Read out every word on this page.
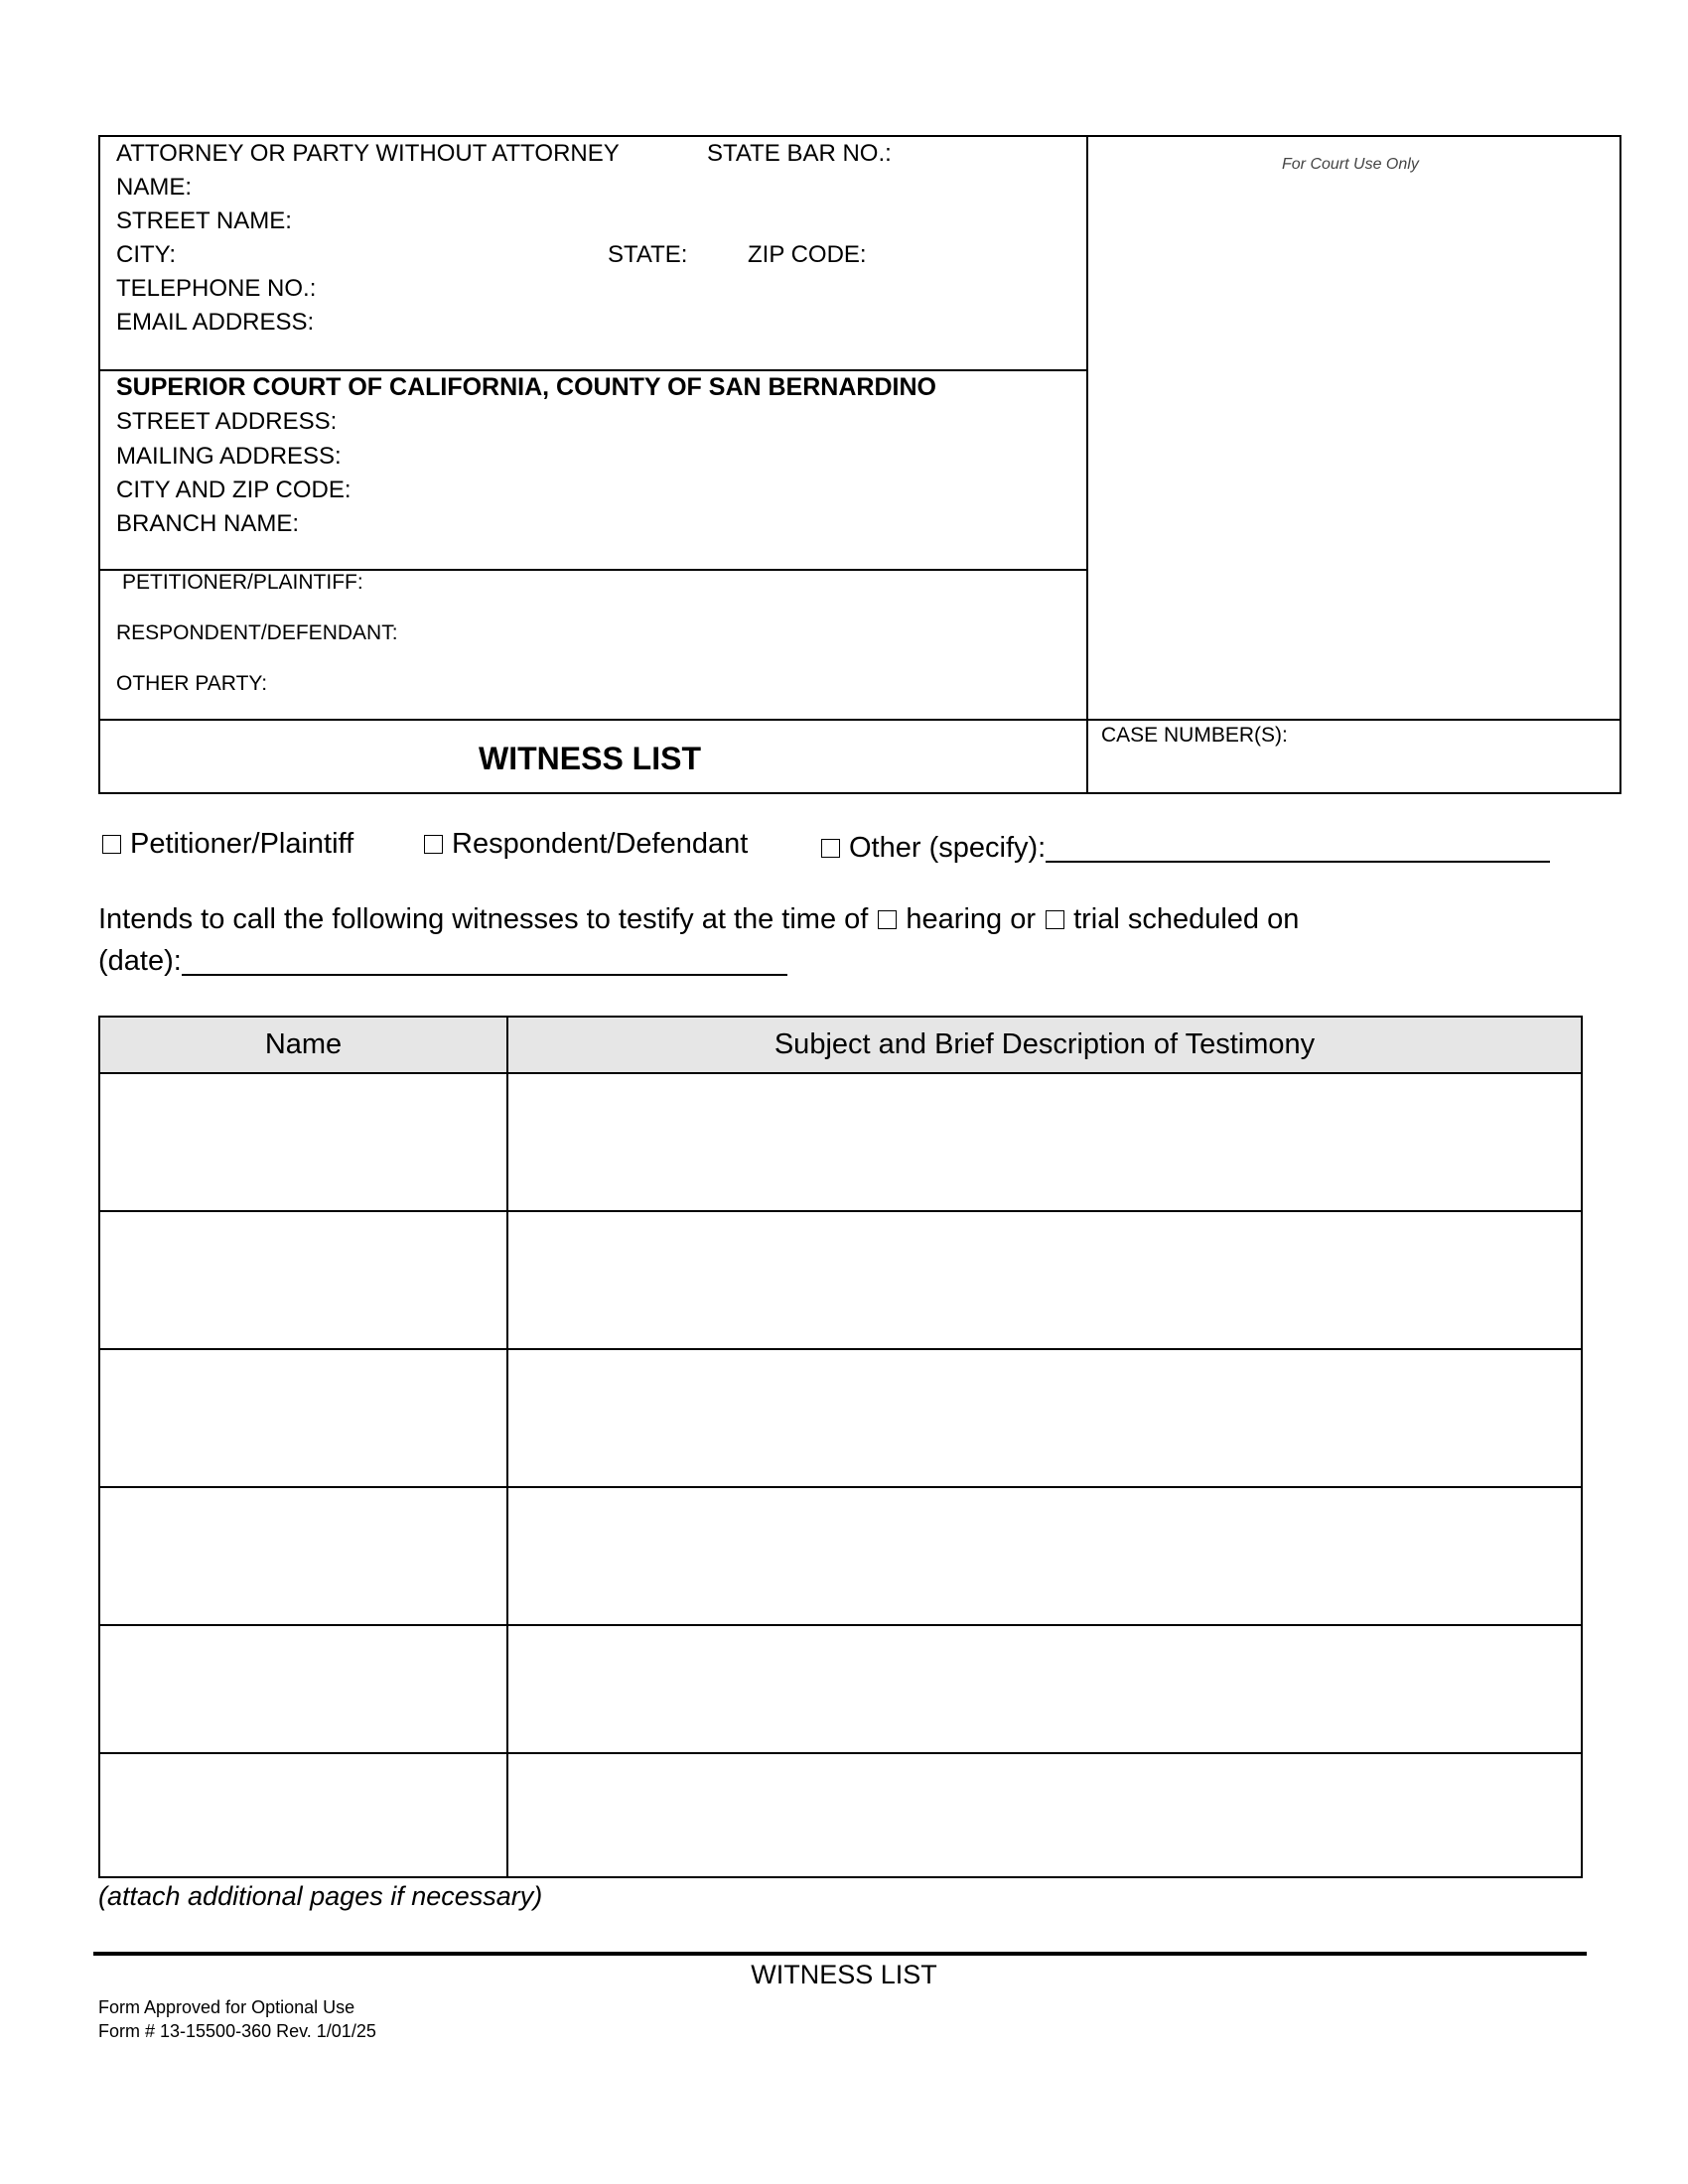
ATTORNEY OR PARTY WITHOUT ATTORNEY	STATE BAR NO.:
NAME:
STREET NAME:
CITY:	STATE:	ZIP CODE:
TELEPHONE NO.:
EMAIL ADDRESS:
SUPERIOR COURT OF CALIFORNIA, COUNTY OF SAN BERNARDINO
STREET ADDRESS:
MAILING ADDRESS:
CITY AND ZIP CODE:
BRANCH NAME:
PETITIONER/PLAINTIFF:
RESPONDENT/DEFENDANT:
OTHER PARTY:
For Court Use Only
WITNESS LIST
CASE NUMBER(S):
Petitioner/Plaintiff	Respondent/Defendant	Other (specify):
Intends to call the following witnesses to testify at the time of hearing or trial scheduled on
(date):
Name	Subject and Brief Description of Testimony

(attach additional pages if necessary)
WITNESS LIST
Form Approved for Optional Use
Form # 13-15500-360 Rev. 1/01/25
